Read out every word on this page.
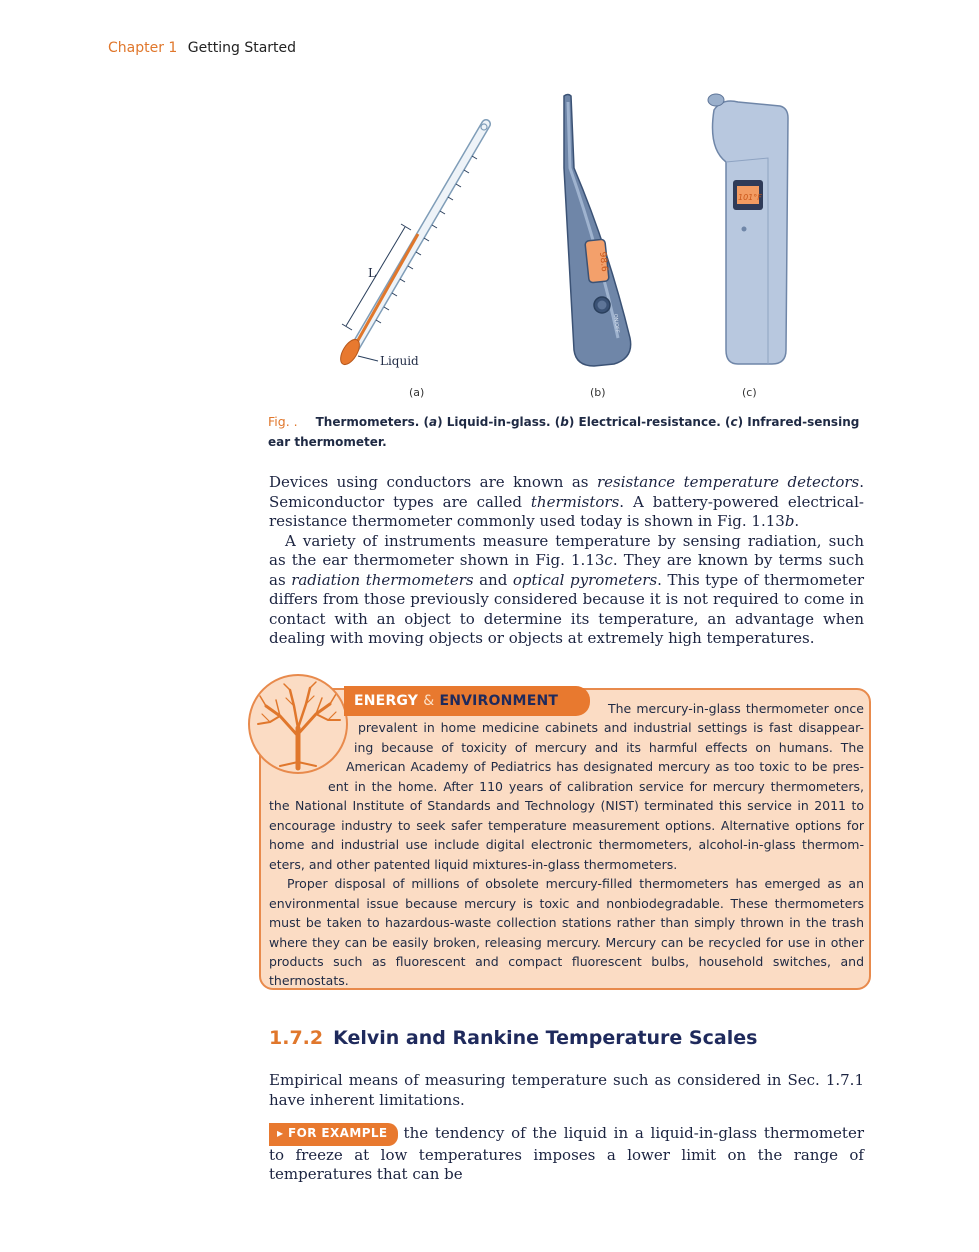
Chapter 1 Getting Started
98.6
ON/OFF
101°F
L
Liquid
(a)	(b)	(c)
Fig. . Thermometers. (a) Liquid-in-glass. (b) Electrical-resistance. (c) Infrared-sensing ear thermometer.

Devices using conductors are known as resistance temperature detectors. Semiconductor types are called thermistors. A battery-powered electrical-resistance thermometer commonly used today is shown in Fig. 1.13b.

A variety of instruments measure temperature by sensing radiation, such as the ear thermometer shown in Fig. 1.13c. They are known by terms such as radiation thermometers and optical pyrometers. This type of thermometer differs from those previously considered because it is not required to come in contact with an object to determine its temperature, an advantage when dealing with moving objects or objects at extremely high temperatures.

ENERGY & ENVIRONMENT	The mercury-in-glass thermometer once
prevalent in home medicine cabinets and industrial settings is fast disappear-
ing because of toxicity of mercury and its harmful effects on humans. The
American Academy of Pediatrics has designated mercury as too toxic to be pres-
ent in the home. After 110 years of calibration service for mercury thermometers,
the National Institute of Standards and Technology (NIST) terminated this service in 2011 to
encourage industry to seek safer temperature measurement options. Alternative options for
home and industrial use include digital electronic thermometers, alcohol-in-glass thermom-
eters, and other patented liquid mixtures-in-glass thermometers.
Proper disposal of millions of obsolete mercury-filled thermometers has emerged as an
environmental issue because mercury is toxic and nonbiodegradable. These thermometers
must be taken to hazardous-waste collection stations rather than simply thrown in the trash
where they can be easily broken, releasing mercury. Mercury can be recycled for use in other
products such as fluorescent and compact fluorescent bulbs, household switches, and
thermostats.
1.7.2 Kelvin and Rankine Temperature Scales

Empirical means of measuring temperature such as considered in Sec. 1.7.1 have inherent limitations.

▸ FOR EXAMPLE the tendency of the liquid in a liquid-in-glass thermometer to freeze at low temperatures imposes a lower limit on the range of temperatures that can be
